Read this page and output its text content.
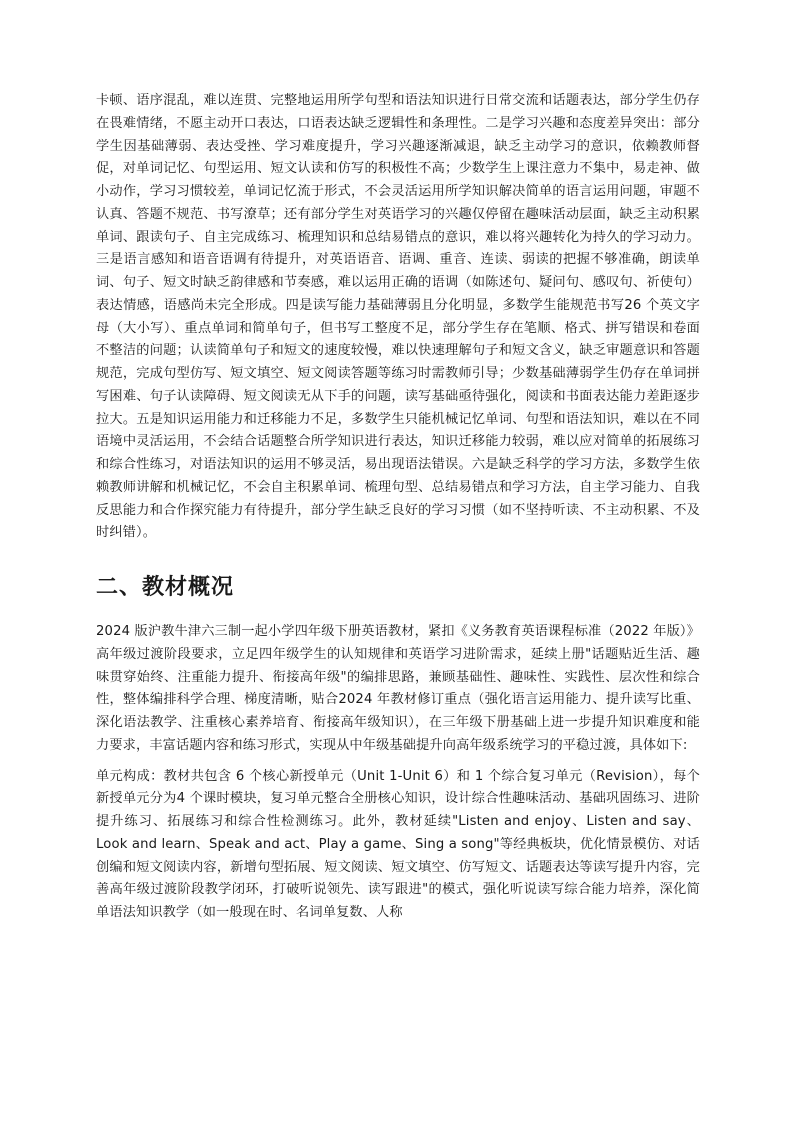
卡顿、语序混乱，难以连贯、完整地运用所学句型和语法知识进行日常交流和话题表达，部分学生仍存在畏难情绪，不愿主动开口表达，口语表达缺乏逻辑性和条理性。二是学习兴趣和态度差异突出：部分学生因基础薄弱、表达受挫、学习难度提升，学习兴趣逐渐减退，缺乏主动学习的意识，依赖教师督促，对单词记忆、句型运用、短文认读和仿写的积极性不高；少数学生上课注意力不集中，易走神、做小动作，学习习惯较差，单词记忆流于形式，不会灵活运用所学知识解决简单的语言运用问题，审题不认真、答题不规范、书写潦草；还有部分学生对英语学习的兴趣仅停留在趣味活动层面，缺乏主动积累单词、跟读句子、自主完成练习、梳理知识和总结易错点的意识，难以将兴趣转化为持久的学习动力。三是语言感知和语音语调有待提升，对英语语音、语调、重音、连读、弱读的把握不够准确，朗读单词、句子、短文时缺乏韵律感和节奏感，难以运用正确的语调（如陈述句、疑问句、感叹句、祈使句）表达情感，语感尚未完全形成。四是读写能力基础薄弱且分化明显，多数学生能规范书写26 个英文字母（大小写）、重点单词和简单句子，但书写工整度不足，部分学生存在笔顺、格式、拼写错误和卷面不整洁的问题；认读简单句子和短文的速度较慢，难以快速理解句子和短文含义，缺乏审题意识和答题规范，完成句型仿写、短文填空、短文阅读答题等练习时需教师引导；少数基础薄弱学生仍存在单词拼写困难、句子认读障碍、短文阅读无从下手的问题，读写基础亟待强化，阅读和书面表达能力差距逐步拉大。五是知识运用能力和迁移能力不足，多数学生只能机械记忆单词、句型和语法知识，难以在不同语境中灵活运用，不会结合话题整合所学知识进行表达，知识迁移能力较弱，难以应对简单的拓展练习和综合性练习，对语法知识的运用不够灵活，易出现语法错误。六是缺乏科学的学习方法，多数学生依赖教师讲解和机械记忆，不会自主积累单词、梳理句型、总结易错点和学习方法，自主学习能力、自我反思能力和合作探究能力有待提升，部分学生缺乏良好的学习习惯（如不坚持听读、不主动积累、不及时纠错）。

二、教材概况

2024 版沪教牛津六三制一起小学四年级下册英语教材，紧扣《义务教育英语课程标准（2022 年版）》高年级过渡阶段要求，立足四年级学生的认知规律和英语学习进阶需求，延续上册"话题贴近生活、趣味贯穿始终、注重能力提升、衔接高年级"的编排思路，兼顾基础性、趣味性、实践性、层次性和综合性，整体编排科学合理、梯度清晰，贴合2024 年教材修订重点（强化语言运用能力、提升读写比重、深化语法教学、注重核心素养培育、衔接高年级知识），在三年级下册基础上进一步提升知识难度和能力要求，丰富话题内容和练习形式，实现从中年级基础提升向高年级系统学习的平稳过渡，具体如下:

单元构成：教材共包含 6 个核心新授单元（Unit 1-Unit 6）和 1 个综合复习单元（Revision），每个新授单元分为4 个课时模块，复习单元整合全册核心知识，设计综合性趣味活动、基础巩固练习、进阶提升练习、拓展练习和综合性检测练习。此外，教材延续"Listen and enjoy、Listen and say、Look and learn、Speak and act、Play a game、Sing a song"等经典板块，优化情景模仿、对话创编和短文阅读内容，新增句型拓展、短文阅读、短文填空、仿写短文、话题表达等读写提升内容，完善高年级过渡阶段教学闭环，打破听说领先、读写跟进"的模式，强化听说读写综合能力培养，深化简单语法知识教学（如一般现在时、名词单复数、人称
